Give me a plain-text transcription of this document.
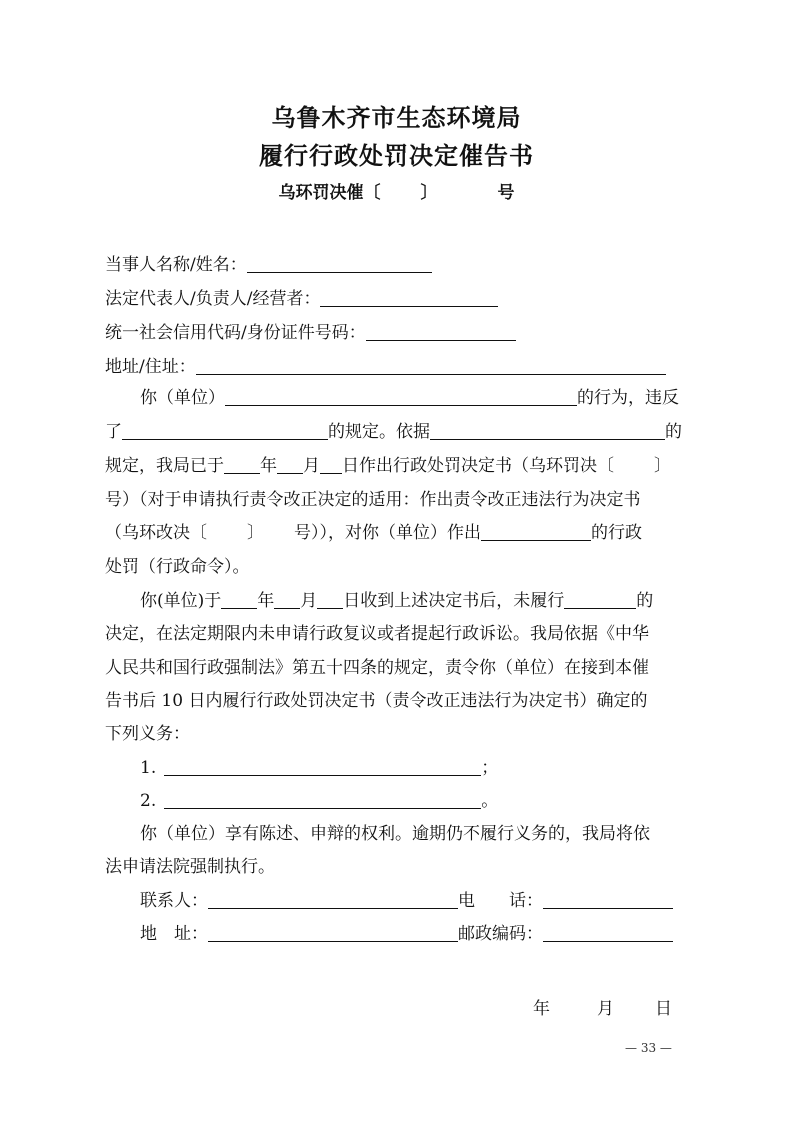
乌鲁木齐市生态环境局
履行行政处罚决定催告书
乌环罚决催〔 〕	号
当事人名称/姓名：
法定代表人/负责人/经营者：
统一社会信用代码/身份证件号码：
地址/住址：
你（单位）	的行为，违反
了	的规定。依据	的
规定，我局已于 年 月 日作出行政处罚决定书（乌环罚决〔 〕
号）（对于申请执行责令改正决定的适用：作出责令改正违法行为决定书
（乌环改决〔 〕 号）），对你（单位）作出	的行政
处罚（行政命令）。
你(单位)于 年 月 日收到上述决定书后，未履行	的
决定，在法定期限内未申请行政复议或者提起行政诉讼。我局依据《中华
人民共和国行政强制法》第五十四条的规定，责令你（单位）在接到本催
告书后 10 日内履行行政处罚决定书（责令改正违法行为决定书）确定的
下列义务：
1.	；
2.	。
你（单位）享有陈述、申辩的权利。逾期仍不履行义务的，我局将依
法申请法院强制执行。
联系人：	电　　话：
地　址：	邮政编码：
年	月 日
— 33 —
